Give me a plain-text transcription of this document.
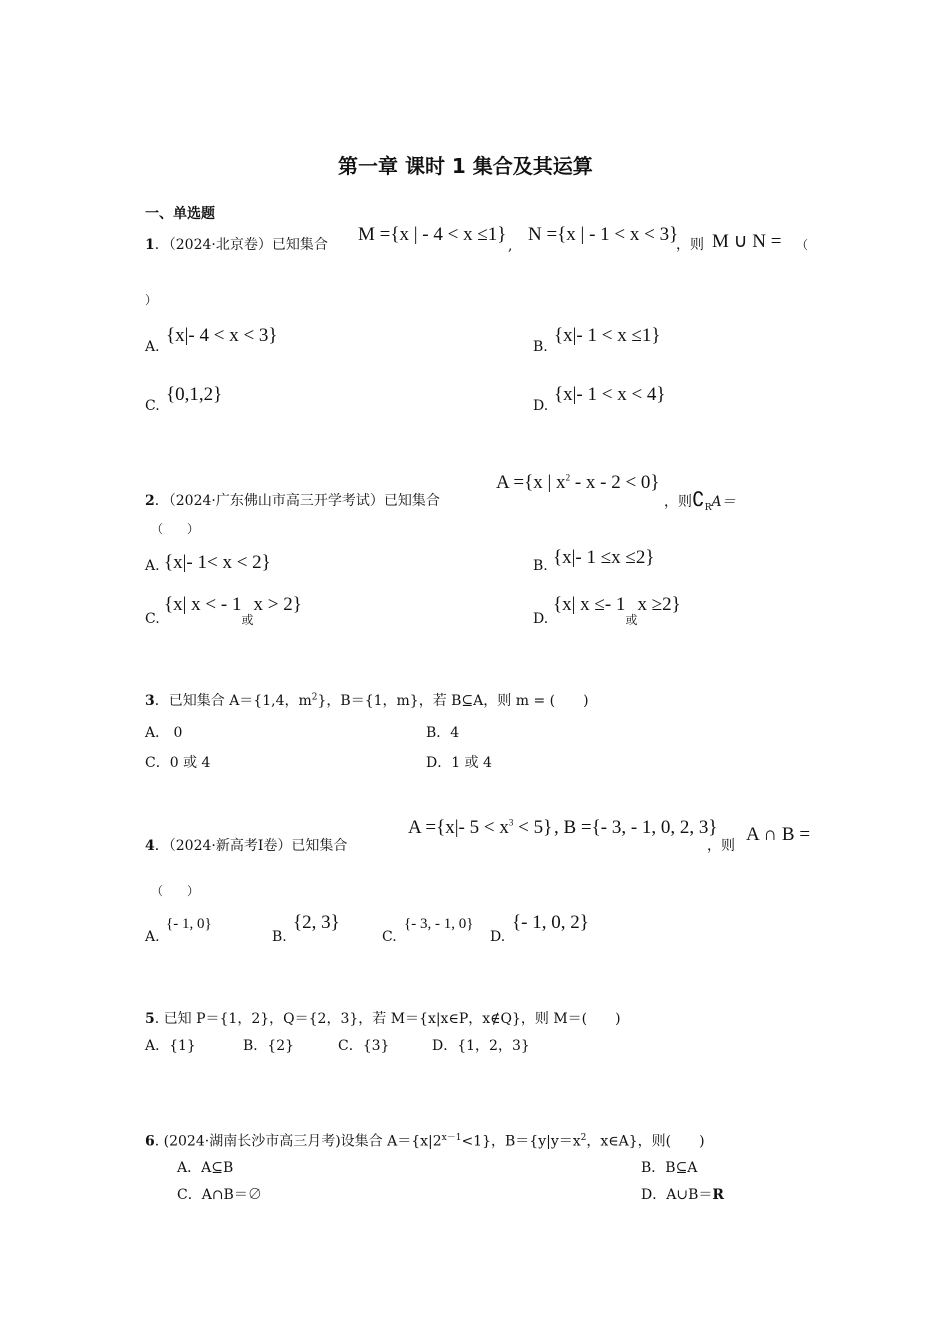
第一章 课时 1 集合及其运算
一、单选题
1．（2024·北京卷）已知集合 M ={x | - 4 < x ≤1}
,
N ={x | - 1 < x < 3}
，则 M ∪ N = （
）
A.
{x|- 4 < x < 3}
B.
{x|- 1 < x ≤1}
C.
{0,1,2}
D.
{x|- 1 < x < 4}
2．（2024·广东佛山市高三开学考试）已知集合
A ={x | $x^2 - x - 2 < 0$}
，则$∁_RA=$
（　　）
A. {x|- 1< x < 2}	B. {x|- 1 ≤x ≤2}
C.
{x| x < - $1_或x > 2$}
D.
{x| $x \le- 1_或x \ge 2$}
3．已知集合 A＝{1,4，$m^2$}，B＝{1，m}，若 B⊆A，则 m = (　　)
A． 0	B．4
C．0 或 4	D．1 或 4
4．（2024·新高考Ⅰ卷）已知集合
A ={x|- $5 < x^3 < 5$} , B ={- 3, - 1, 0, 2, 3}
，则
A ∩ B =
（　　）
A.
{- 1, 0}
B.
{2, 3}
C.
{- 3, - 1, 0}
D.
{- 1, 0, 2}
5. 已知 P＝{1，2}，Q＝{2，3}，若 M＝{x|x∈P，x∉Q}，则 M＝(　　)
A．{1}	B．{2}	C．{3}	D．{1，2，3}
6. (2024·湖南长沙市高三月考)设集合 $A=\{x|2^{x-1}<1\}$，$B=\{y|y=x^2$，x∈A}，则(　　)
A．A⊆B	B．B⊆A
C．A∩B＝∅	D．A∪B＝R
